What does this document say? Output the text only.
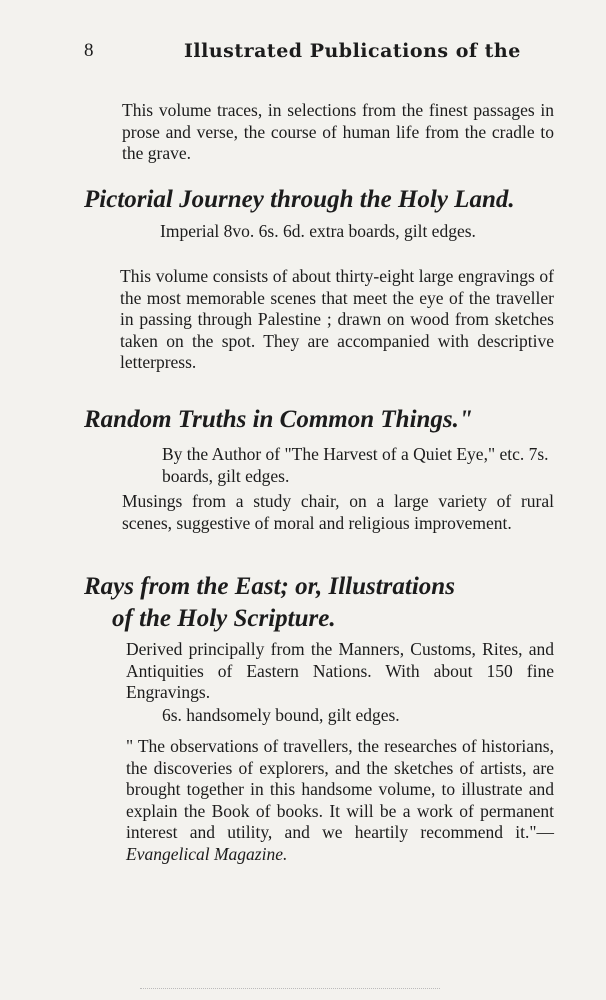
8	Illustrated Publications of the

This volume traces, in selections from the finest passages in prose and verse, the course of human life from the cradle to the grave.

Pictorial Journey through the Holy Land.

Imperial 8vo. 6s. 6d. extra boards, gilt edges.

This volume consists of about thirty-eight large engravings of the most memorable scenes that meet the eye of the traveller in passing through Palestine ; drawn on wood from sketches taken on the spot. They are accompanied with descriptive letterpress.

Random Truths in Common Things."

By the Author of "The Harvest of a Quiet Eye," etc. 7s. boards, gilt edges.

Musings from a study chair, on a large variety of rural scenes, suggestive of moral and religious improvement.

Rays from the East; or, Illustrations
of the Holy Scripture.

Derived principally from the Manners, Customs, Rites, and Antiquities of Eastern Nations. With about 150 fine Engravings.

6s. handsomely bound, gilt edges.

" The observations of travellers, the researches of historians, the discoveries of explorers, and the sketches of artists, are brought together in this handsome volume, to illustrate and explain the Book of books. It will be a work of permanent interest and utility, and we heartily recommend it."—Evangelical Magazine.
